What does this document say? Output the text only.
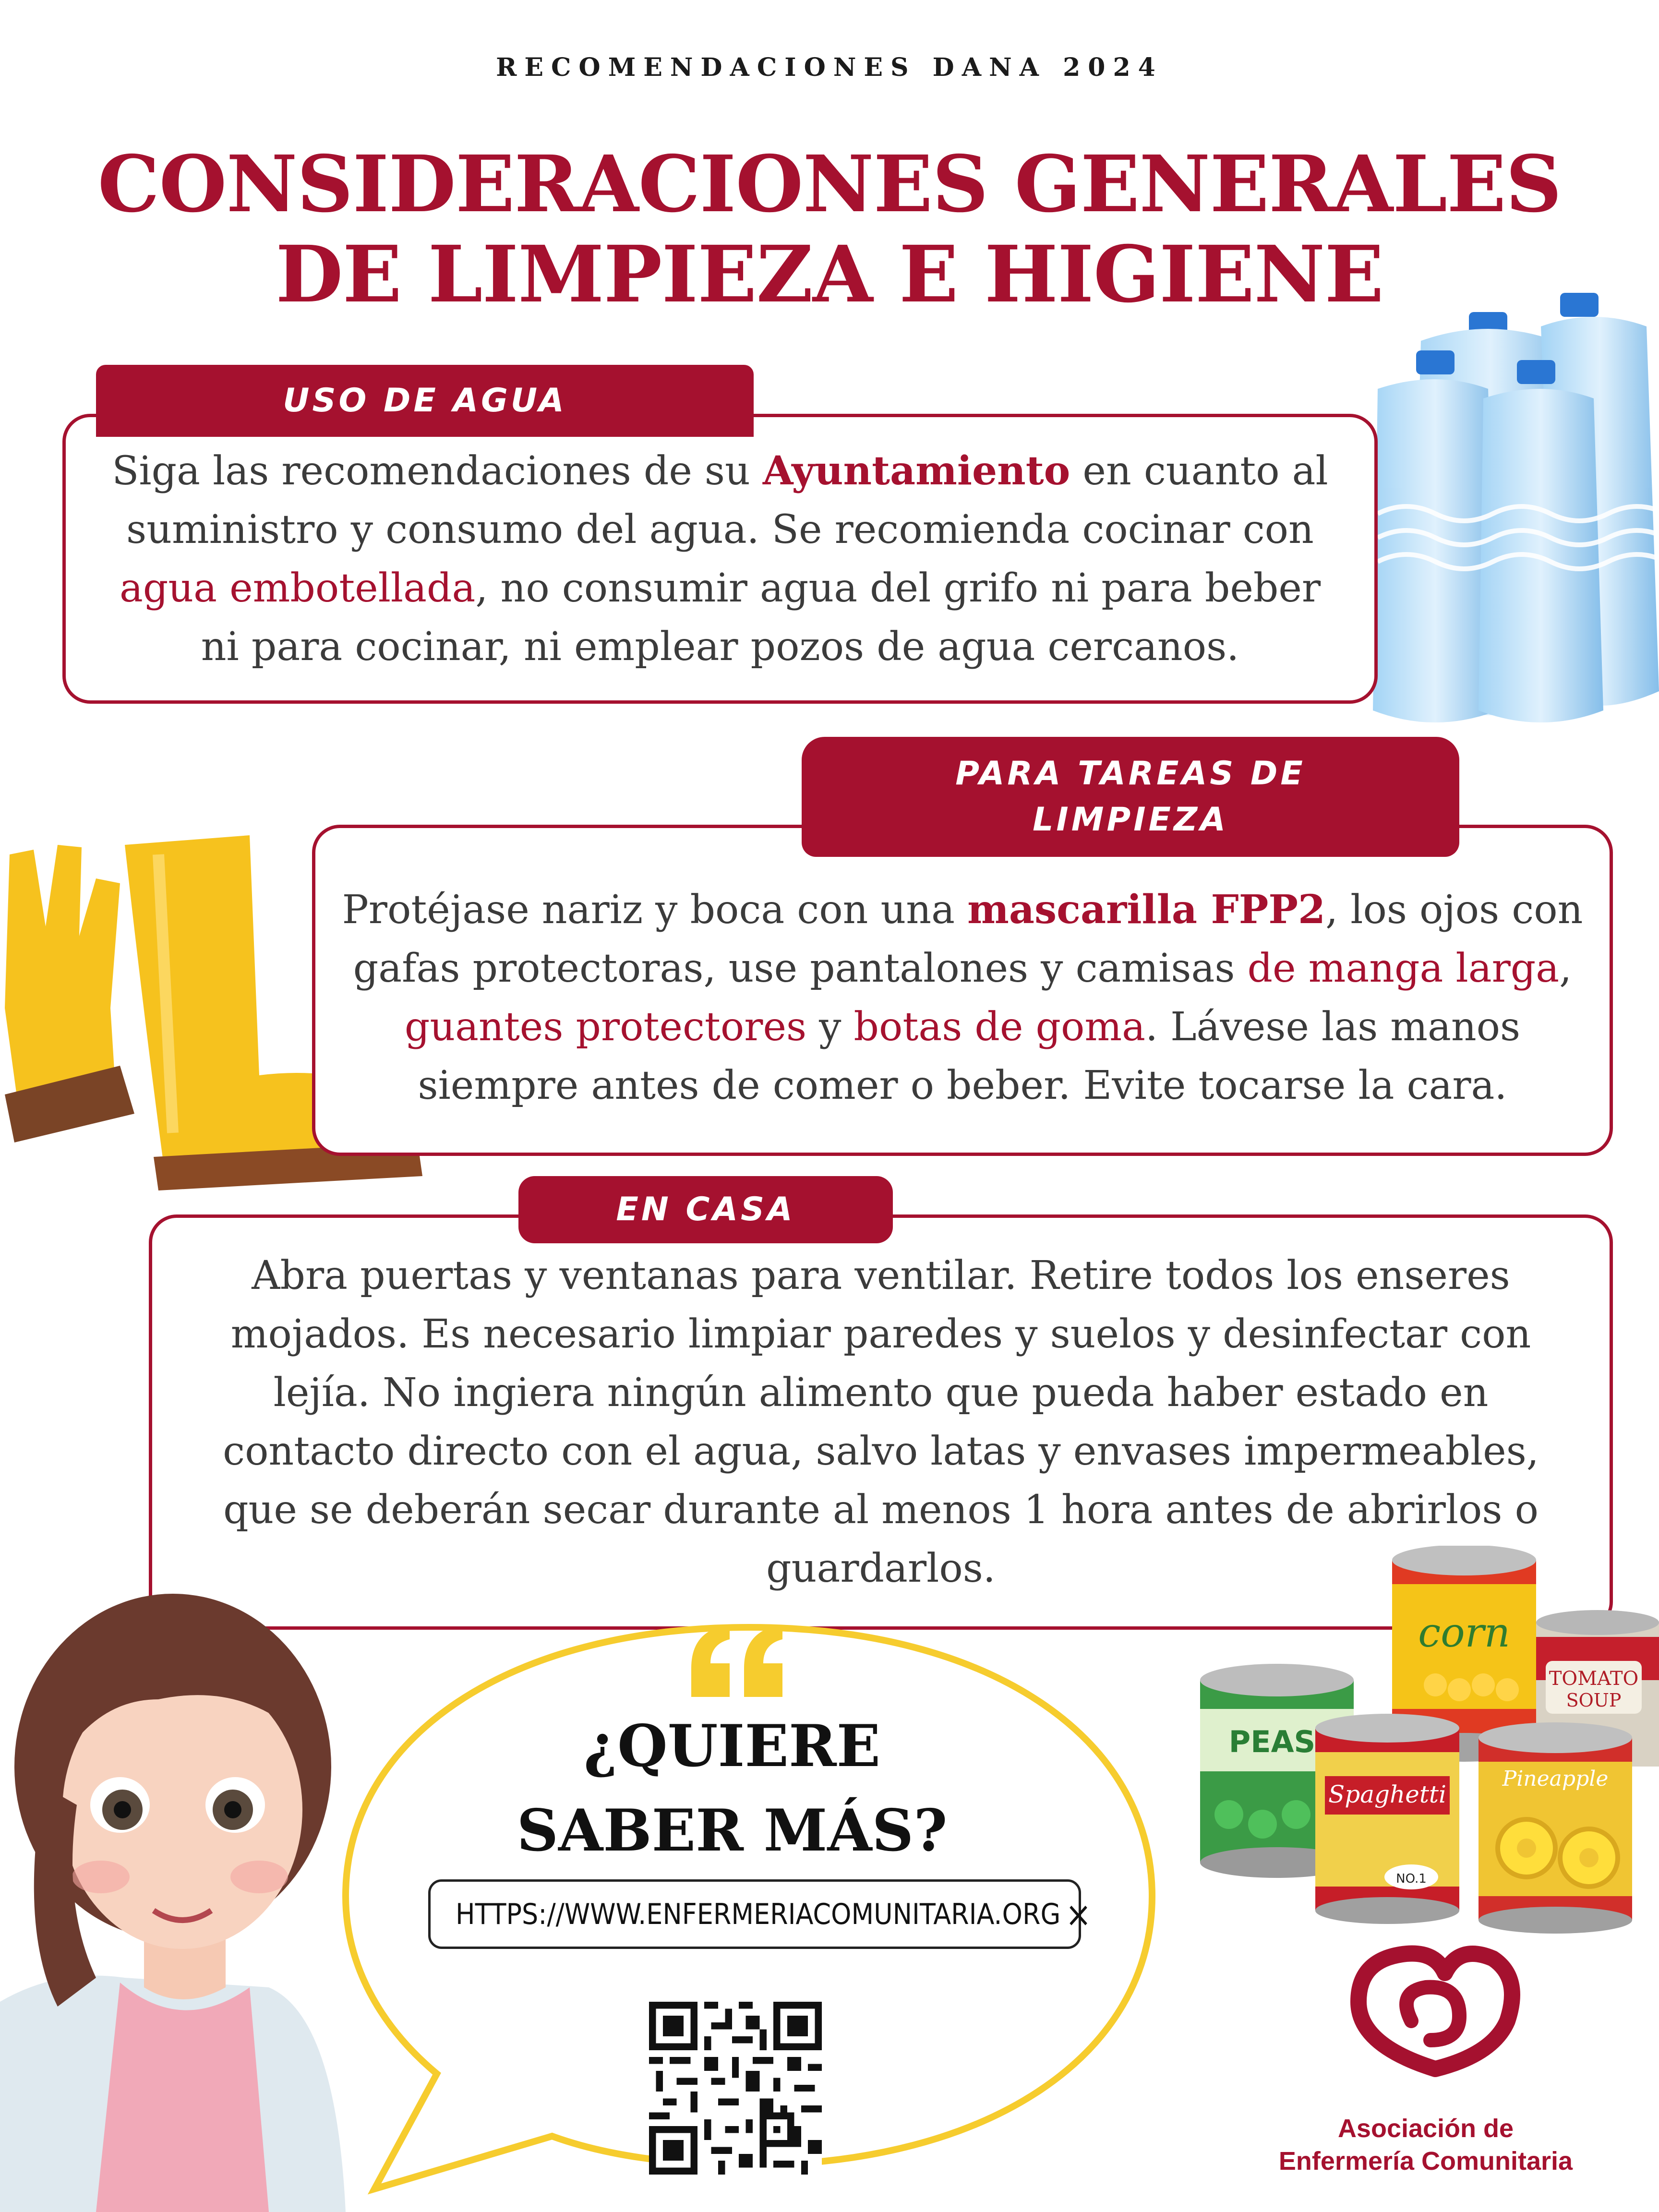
RECOMENDACIONES DANA 2024
CONSIDERACIONES GENERALES
DE LIMPIEZA E HIGIENE

Siga las recomendaciones de su Ayuntamiento en cuanto al suministro y consumo del agua. Se recomienda cocinar con agua embotellada, no consumir agua del grifo ni para beber ni para cocinar, ni emplear pozos de agua cercanos.

USO DE AGUA

Protéjase nariz y boca con una mascarilla FPP2, los ojos con gafas protectoras, use pantalones y camisas de manga larga, guantes protectores y botas de goma. Lávese las manos siempre antes de comer o beber. Evite tocarse la cara.

PARA TAREAS DE
LIMPIEZA

Abra puertas y ventanas para ventilar. Retire todos los enseres mojados. Es necesario limpiar paredes y suelos y desinfectar con lejía. No ingiera ningún alimento que pueda haber estado en contacto directo con el agua, salvo latas y envases impermeables, que se deberán secar durante al menos 1 hora antes de abrirlos o guardarlos.

EN CASA
¿QUIERE
SABER MÁS?
HTTPS://WWW.ENFERMERIACOMUNITARIA.ORG ×
TOMATO
SOUP
corn
PEAS
Spaghetti
NO.1
Pineapple
Asociación de
Enfermería Comunitaria
